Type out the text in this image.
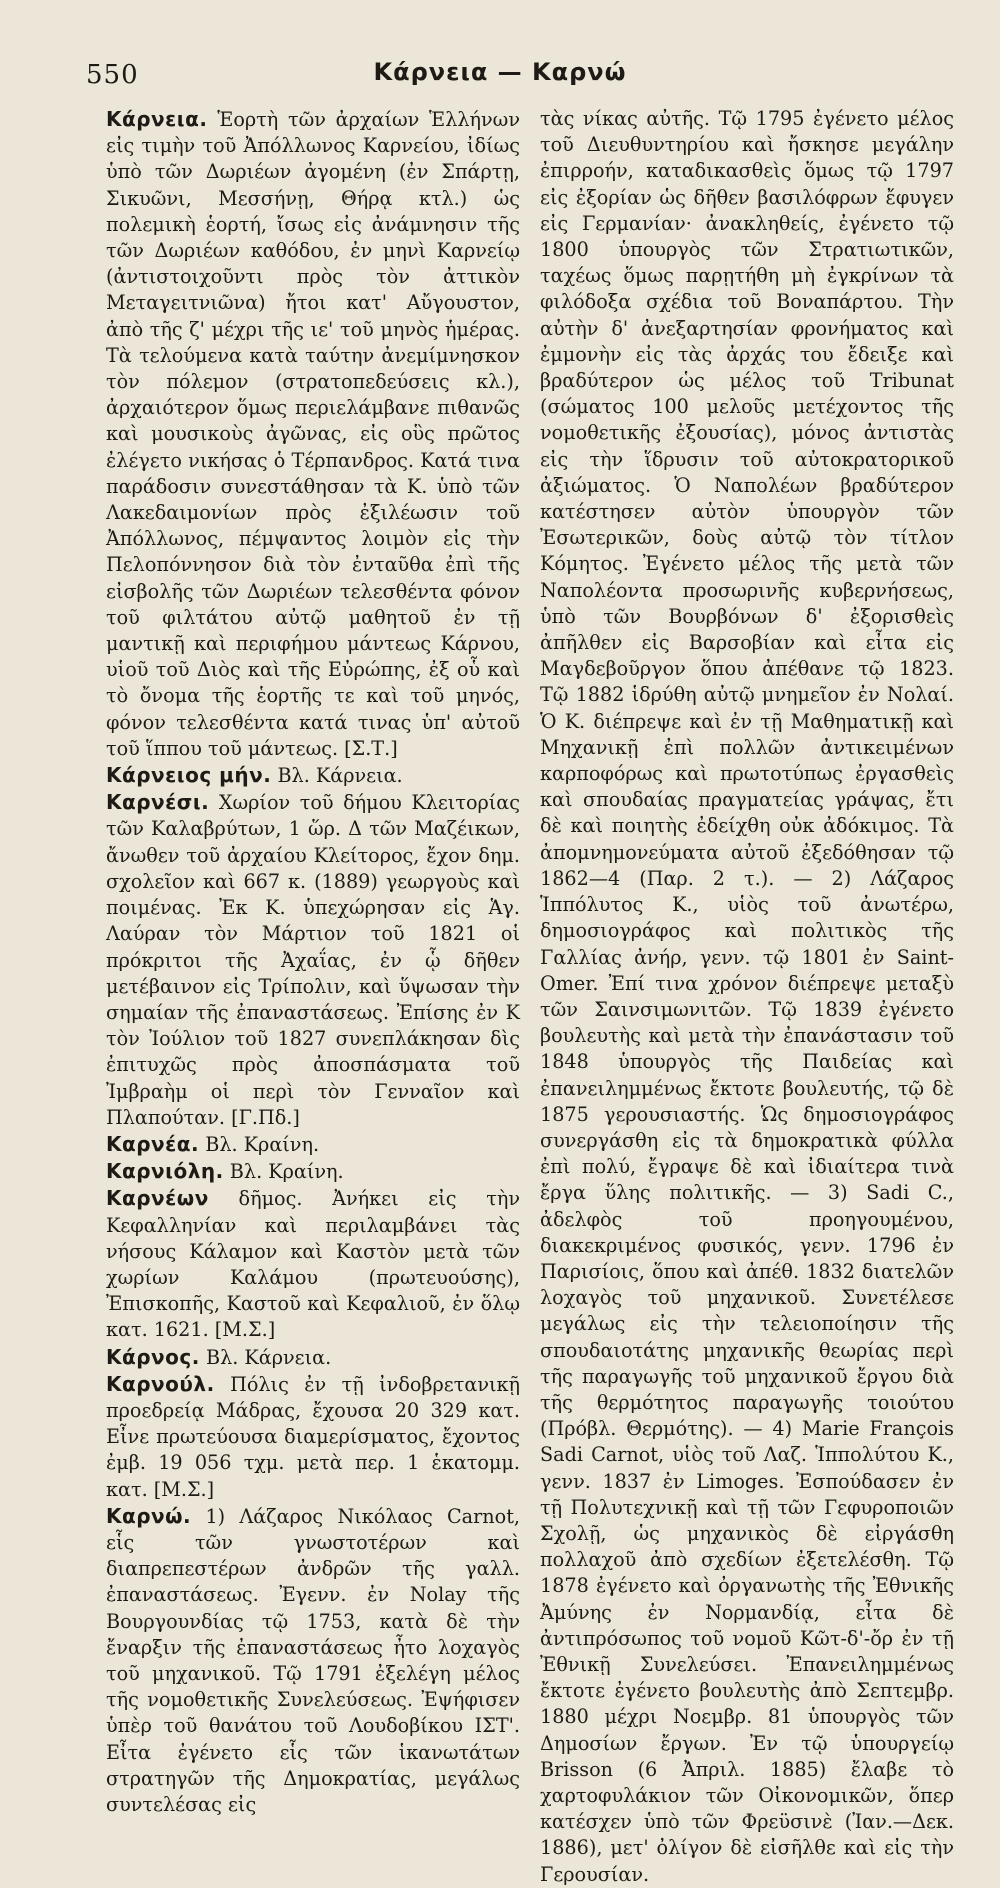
550	Κάρνεια — Καρνώ

Κάρνεια. Ἑορτὴ τῶν ἀρχαίων Ἑλλήνων εἰς τιμὴν τοῦ Ἀπόλλωνος Καρνείου, ἰδίως ὑπὸ τῶν Δωριέων ἀγομένη (ἐν Σπάρτῃ, Σικυῶνι, Μεσσήνῃ, Θήρᾳ κτλ.) ὡς πολεμικὴ ἑορτή, ἴσως εἰς ἀνάμνησιν τῆς τῶν Δωριέων καθόδου, ἐν μηνὶ Καρνείῳ (ἀντιστοιχοῦντι πρὸς τὸν ἀττικὸν Μεταγειτνιῶνα) ἤτοι κατ' Αὔγουστον, ἀπὸ τῆς ζ' μέχρι τῆς ιε' τοῦ μηνὸς ἡμέρας. Τὰ τελούμενα κατὰ ταύτην ἀνεμίμνησκον τὸν πόλεμον (στρατοπεδεύσεις κλ.), ἀρχαιότερον ὅμως περιελάμβανε πιθανῶς καὶ μουσικοὺς ἀγῶνας, εἰς οὓς πρῶτος ἐλέγετο νικήσας ὁ Τέρπανδρος. Κατά τινα παράδοσιν συνεστάθησαν τὰ Κ. ὑπὸ τῶν Λακεδαιμονίων πρὸς ἐξιλέωσιν τοῦ Ἀπόλλωνος, πέμψαντος λοιμὸν εἰς τὴν Πελοπόννησον διὰ τὸν ἐνταῦθα ἐπὶ τῆς εἰσβολῆς τῶν Δωριέων τελεσθέντα φόνον τοῦ φιλτάτου αὐτῷ μαθητοῦ ἐν τῇ μαντικῇ καὶ περιφήμου μάντεως Κάρνου, υἱοῦ τοῦ Διὸς καὶ τῆς Εὐρώπης, ἐξ οὗ καὶ τὸ ὄνομα τῆς ἑορτῆς τε καὶ τοῦ μηνός, φόνον τελεσθέντα κατά τινας ὑπ' αὐτοῦ τοῦ ἵππου τοῦ μάντεως. [Σ.Τ.]

Κάρνειος μήν. Βλ. Κάρνεια.

Καρνέσι. Χωρίον τοῦ δήμου Κλειτορίας τῶν Καλαβρύτων, 1 ὥρ. Δ τῶν Μαζέικων, ἄνωθεν τοῦ ἀρχαίου Κλείτορος, ἔχον δημ. σχολεῖον καὶ 667 κ. (1889) γεωργοὺς καὶ ποιμένας. Ἐκ Κ. ὑπεχώρησαν εἰς Ἁγ. Λαύραν τὸν Μάρτιον τοῦ 1821 οἱ πρόκριτοι τῆς Ἀχαΐας, ἐν ᾧ δῆθεν μετέβαινον εἰς Τρίπολιν, καὶ ὕψωσαν τὴν σημαίαν τῆς ἐπαναστάσεως. Ἐπίσης ἐν Κ τὸν Ἰούλιον τοῦ 1827 συνεπλάκησαν δὶς ἐπιτυχῶς πρὸς ἀποσπάσματα τοῦ Ἰμβραὴμ οἱ περὶ τὸν Γενναῖον καὶ Πλαπούταν. [Γ.Πδ.]

Καρνέα. Βλ. Κραίνη.

Καρνιόλη. Βλ. Κραίνη.

Καρνέων δῆμος. Ἀνήκει εἰς τὴν Κεφαλληνίαν καὶ περιλαμβάνει τὰς νήσους Κάλαμον καὶ Καστὸν μετὰ τῶν χωρίων Καλάμου (πρωτευούσης), Ἐπισκοπῆς, Καστοῦ καὶ Κεφαλιοῦ, ἐν ὅλῳ κατ. 1621. [Μ.Σ.]

Κάρνος. Βλ. Κάρνεια.

Καρνούλ. Πόλις ἐν τῇ ἰνδοβρετανικῇ προεδρείᾳ Μάδρας, ἔχουσα 20 329 κατ. Εἶνε πρωτεύουσα διαμερίσματος, ἔχοντος ἐμβ. 19 056 τχμ. μετὰ περ. 1 ἑκατομμ. κατ. [Μ.Σ.]

Καρνώ. 1) Λάζαρος Νικόλαος Carnot, εἷς τῶν γνωστοτέρων καὶ διαπρεπεστέρων ἀνδρῶν τῆς γαλλ. ἐπαναστάσεως. Ἐγενν. ἐν Nolay τῆς Βουργουνδίας τῷ 1753, κατὰ δὲ τὴν ἔναρξιν τῆς ἐπαναστάσεως ἦτο λοχαγὸς τοῦ μηχανικοῦ. Τῷ 1791 ἐξελέγη μέλος τῆς νομοθετικῆς Συνελεύσεως. Ἐψήφισεν ὑπὲρ τοῦ θανάτου τοῦ Λουδοβίκου ΙΣΤ'. Εἶτα ἐγένετο εἷς τῶν ἱκανωτάτων στρατηγῶν τῆς Δημοκρατίας, μεγάλως συντελέσας εἰς

τὰς νίκας αὐτῆς. Τῷ 1795 ἐγένετο μέλος τοῦ Διευθυντηρίου καὶ ἤσκησε μεγάλην ἐπιρροήν, καταδικασθεὶς ὅμως τῷ 1797 εἰς ἐξορίαν ὡς δῆθεν βασιλόφρων ἔφυγεν εἰς Γερμανίαν· ἀνακληθείς, ἐγένετο τῷ 1800 ὑπουργὸς τῶν Στρατιωτικῶν, ταχέως ὅμως παρῃτήθη μὴ ἐγκρίνων τὰ φιλόδοξα σχέδια τοῦ Βοναπάρτου. Τὴν αὐτὴν δ' ἀνεξαρτησίαν φρονήματος καὶ ἐμμονὴν εἰς τὰς ἀρχάς του ἔδειξε καὶ βραδύτερον ὡς μέλος τοῦ Tribunat (σώματος 100 μελοῦς μετέχοντος τῆς νομοθετικῆς ἐξουσίας), μόνος ἀντιστὰς εἰς τὴν ἵδρυσιν τοῦ αὐτοκρατορικοῦ ἀξιώματος. Ὁ Ναπολέων βραδύτερον κατέστησεν αὐτὸν ὑπουργὸν τῶν Ἐσωτερικῶν, δοὺς αὐτῷ τὸν τίτλον Κόμητος. Ἐγένετο μέλος τῆς μετὰ τῶν Ναπολέοντα προσωρινῆς κυβερνήσεως, ὑπὸ τῶν Βουρβόνων δ' ἐξορισθεὶς ἀπῆλθεν εἰς Βαρσοβίαν καὶ εἶτα εἰς Μαγδεβοῦργον ὅπου ἀπέθανε τῷ 1823. Τῷ 1882 ἱδρύθη αὐτῷ μνημεῖον ἐν Νολαί. Ὁ Κ. διέπρεψε καὶ ἐν τῇ Μαθηματικῇ καὶ Μηχανικῇ ἐπὶ πολλῶν ἀντικειμένων καρποφόρως καὶ πρωτοτύπως ἐργασθεὶς καὶ σπουδαίας πραγματείας γράψας, ἔτι δὲ καὶ ποιητὴς ἐδείχθη οὐκ ἀδόκιμος. Τὰ ἀπομνημονεύματα αὐτοῦ ἐξεδόθησαν τῷ 1862—4 (Παρ. 2 τ.). — 2) Λάζαρος Ἱππόλυτος Κ., υἱὸς τοῦ ἀνωτέρω, δημοσιογράφος καὶ πολιτικὸς τῆς Γαλλίας ἀνήρ, γενν. τῷ 1801 ἐν Saint-Omer. Ἐπί τινα χρόνον διέπρεψε μεταξὺ τῶν Σαινσιμωνιτῶν. Τῷ 1839 ἐγένετο βουλευτὴς καὶ μετὰ τὴν ἐπανάστασιν τοῦ 1848 ὑπουργὸς τῆς Παιδείας καὶ ἐπανειλημμένως ἔκτοτε βουλευτής, τῷ δὲ 1875 γερουσιαστής. Ὡς δημοσιογράφος συνεργάσθη εἰς τὰ δημοκρατικὰ φύλλα ἐπὶ πολύ, ἔγραψε δὲ καὶ ἰδιαίτερα τινὰ ἔργα ὕλης πολιτικῆς. — 3) Sadi C., ἀδελφὸς τοῦ προηγουμένου, διακεκριμένος φυσικός, γενν. 1796 ἐν Παρισίοις, ὅπου καὶ ἀπέθ. 1832 διατελῶν λοχαγὸς τοῦ μηχανικοῦ. Συνετέλεσε μεγάλως εἰς τὴν τελειοποίησιν τῆς σπουδαιοτάτης μηχανικῆς θεωρίας περὶ τῆς παραγωγῆς τοῦ μηχανικοῦ ἔργου διὰ τῆς θερμότητος παραγωγῆς τοιούτου (Πρόβλ. Θερμότης). — 4) Marie François Sadi Carnot, υἱὸς τοῦ Λαζ. Ἱππολύτου Κ., γενν. 1837 ἐν Limoges. Ἐσπούδασεν ἐν τῇ Πολυτεχνικῇ καὶ τῇ τῶν Γεφυροποιῶν Σχολῇ, ὡς μηχανικὸς δὲ εἰργάσθη πολλαχοῦ ἀπὸ σχεδίων ἐξετελέσθη. Τῷ 1878 ἐγένετο καὶ ὀργανωτὴς τῆς Ἐθνικῆς Ἀμύνης ἐν Νορμανδίᾳ, εἶτα δὲ ἀντιπρόσωπος τοῦ νομοῦ Κῶτ-δ'-ὄρ ἐν τῇ Ἐθνικῇ Συνελεύσει. Ἐπανειλημμένως ἔκτοτε ἐγένετο βουλευτὴς ἀπὸ Σεπτεμβρ. 1880 μέχρι Νοεμβρ. 81 ὑπουργὸς τῶν Δημοσίων ἔργων. Ἐν τῷ ὑπουργείῳ Brisson (6 Ἀπριλ. 1885) ἔλαβε τὸ χαρτοφυλάκιον τῶν Οἰκονομικῶν, ὅπερ κατέσχεν ὑπὸ τῶν Φρεϋσινὲ (Ἰαν.—Δεκ. 1886), μετ' ὀλίγον δὲ εἰσῆλθε καὶ εἰς τὴν Γερουσίαν.
